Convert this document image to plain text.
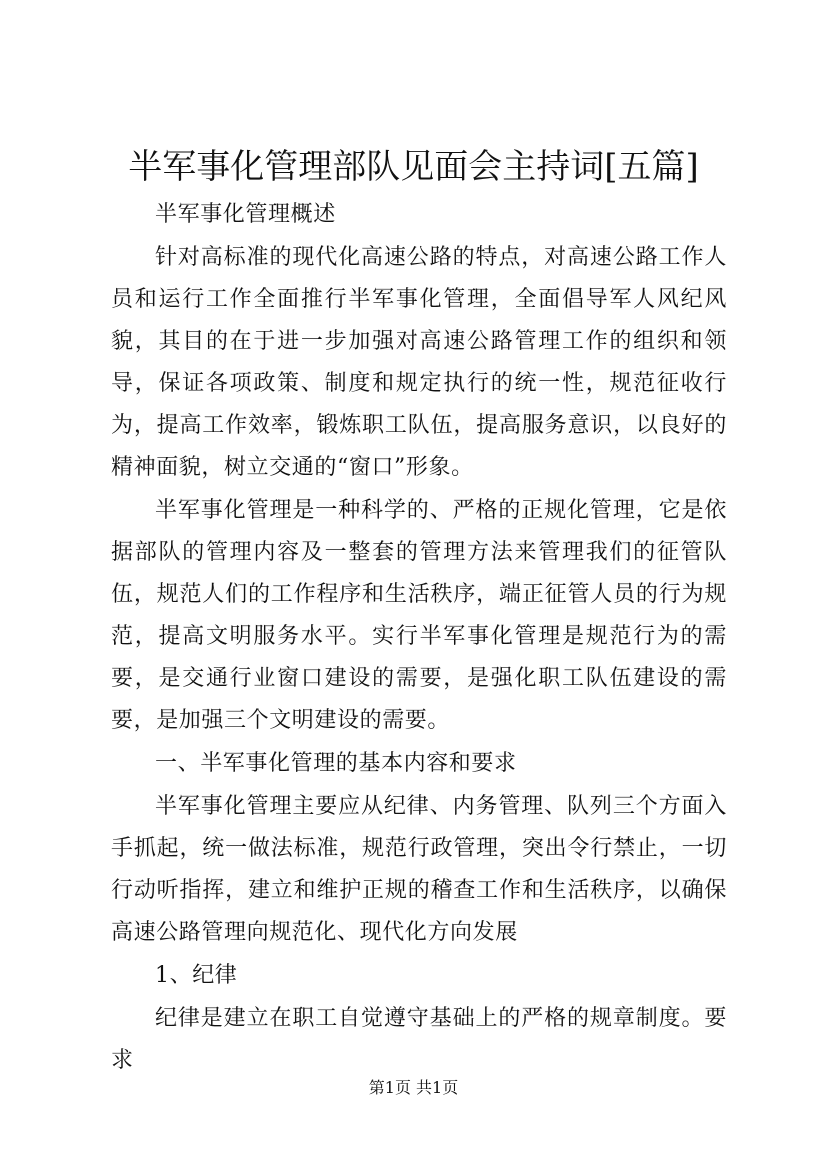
半军事化管理部队见面会主持词[五篇]

半军事化管理概述

针对高标准的现代化高速公路的特点，对高速公路工作人员和运行工作全面推行半军事化管理，全面倡导军人风纪风貌，其目的在于进一步加强对高速公路管理工作的组织和领导，保证各项政策、制度和规定执行的统一性，规范征收行为，提高工作效率，锻炼职工队伍，提高服务意识，以良好的精神面貌，树立交通的“窗口”形象。

半军事化管理是一种科学的、严格的正规化管理，它是依据部队的管理内容及一整套的管理方法来管理我们的征管队伍，规范人们的工作程序和生活秩序，端正征管人员的行为规范，提高文明服务水平。实行半军事化管理是规范行为的需要，是交通行业窗口建设的需要，是强化职工队伍建设的需要，是加强三个文明建设的需要。

一、半军事化管理的基本内容和要求

半军事化管理主要应从纪律、内务管理、队列三个方面入手抓起，统一做法标准，规范行政管理，突出令行禁止，一切行动听指挥，建立和维护正规的稽查工作和生活秩序，以确保高速公路管理向规范化、现代化方向发展

1、纪律

纪律是建立在职工自觉遵守基础上的严格的规章制度。要求

第1页 共1页
